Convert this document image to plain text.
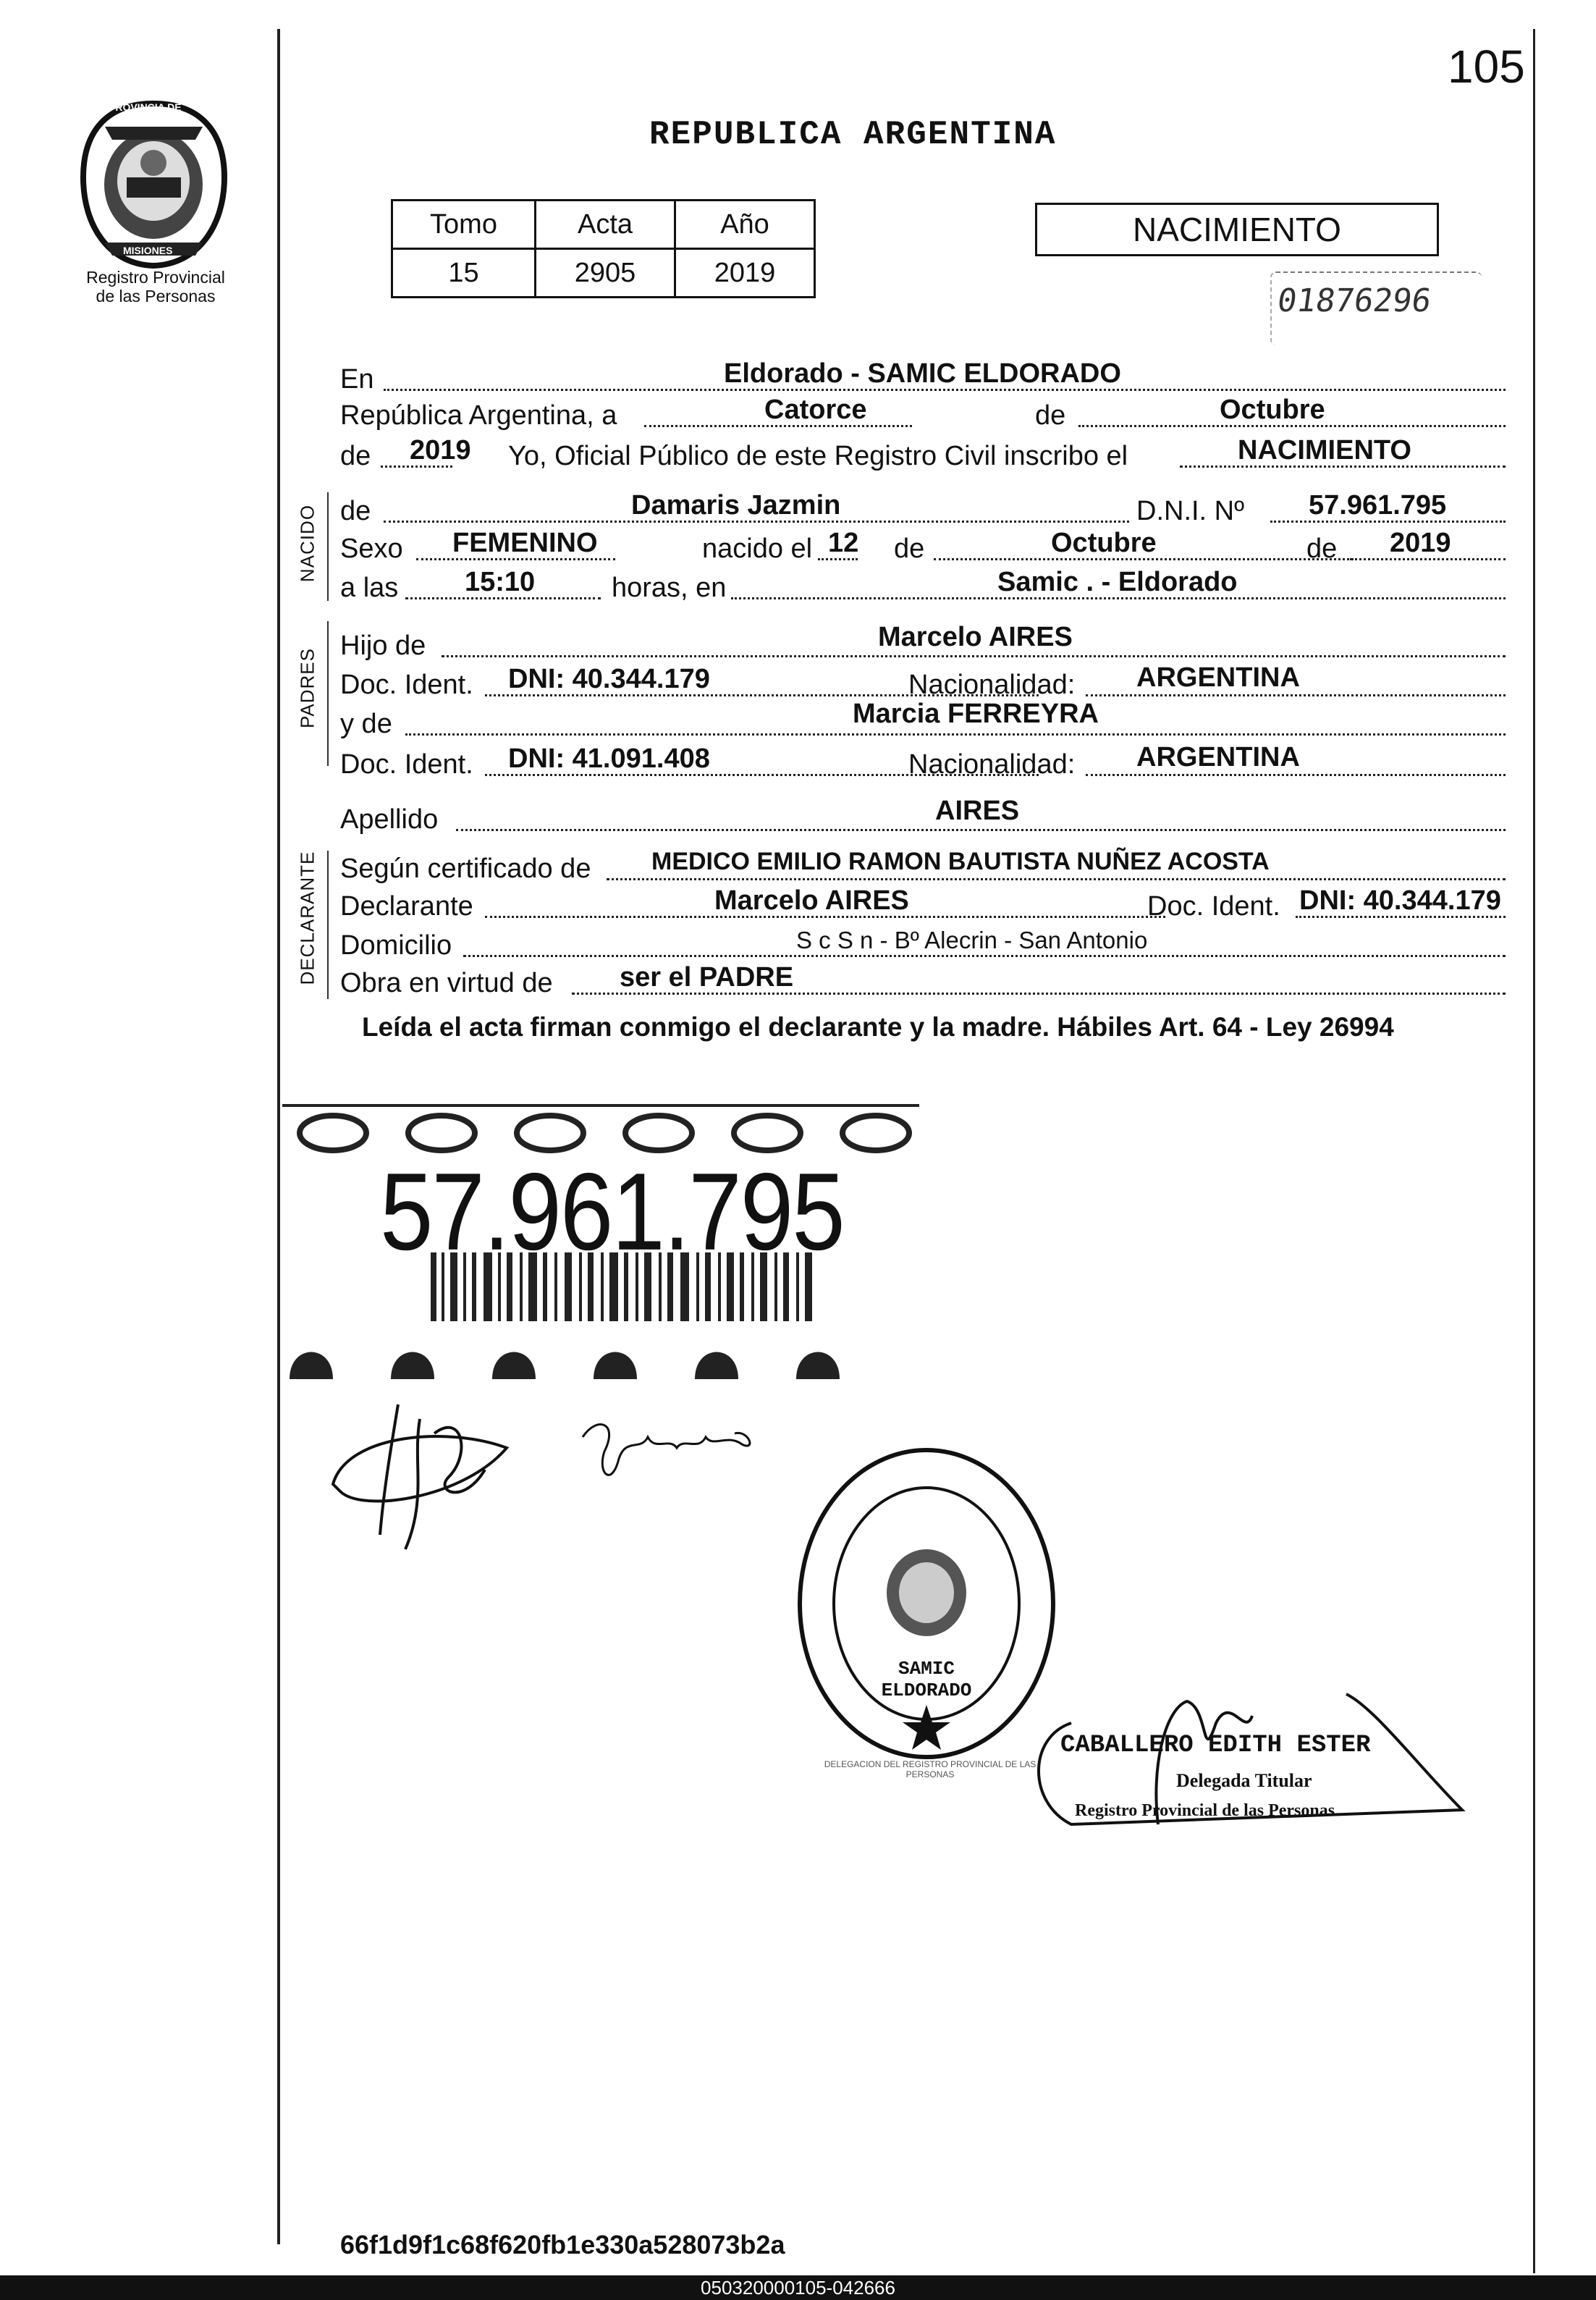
105
PROVINCIA DE
MISIONES
Registro Provincial
de las Personas
REPUBLICA ARGENTINA
Tomo	Acta	Año
15	2905	2019
NACIMIENTO
01876296
En	Eldorado - SAMIC ELDORADO
República Argentina, a	Catorce	de	Octubre
de 2019 Yo, Oficial Público de este Registro Civil inscribo el	NACIMIENTO
NACIDO de	Damaris Jazmin	D.N.I. Nº 57.961.795
Sexo FEMENINO	nacido el 12 de	Octubre	de 2019
a las 15:10	horas, en	Samic . - Eldorado
PADRES
Hijo de	Marcelo AIRES
Doc. Ident. DNI: 40.344.179	Nacionalidad: ARGENTINA
y de	Marcia FERREYRA
Doc. Ident. DNI: 41.091.408	Nacionalidad: ARGENTINA
Apellido	AIRES
DECLARANTE Según certificado de MEDICO EMILIO RAMON BAUTISTA NUÑEZ ACOSTA
Declarante	Marcelo AIRES	Doc. Ident. DNI: 40.344.179
Domicilio	S c S n - Bº Alecrin - San Antonio
Obra en virtud de ser el PADRE
Leída el acta firman conmigo el declarante y la madre. Hábiles Art. 64 - Ley 26994
57.961.795
DELEGACION DEL REGISTRO PROVINCIAL DE LAS PERSONAS
SAMIC ELDORADO
CABALLERO EDITH ESTER
Delegada Titular
Registro Provincial de las Personas
66f1d9f1c68f620fb1e330a528073b2a
050320000105-042666
